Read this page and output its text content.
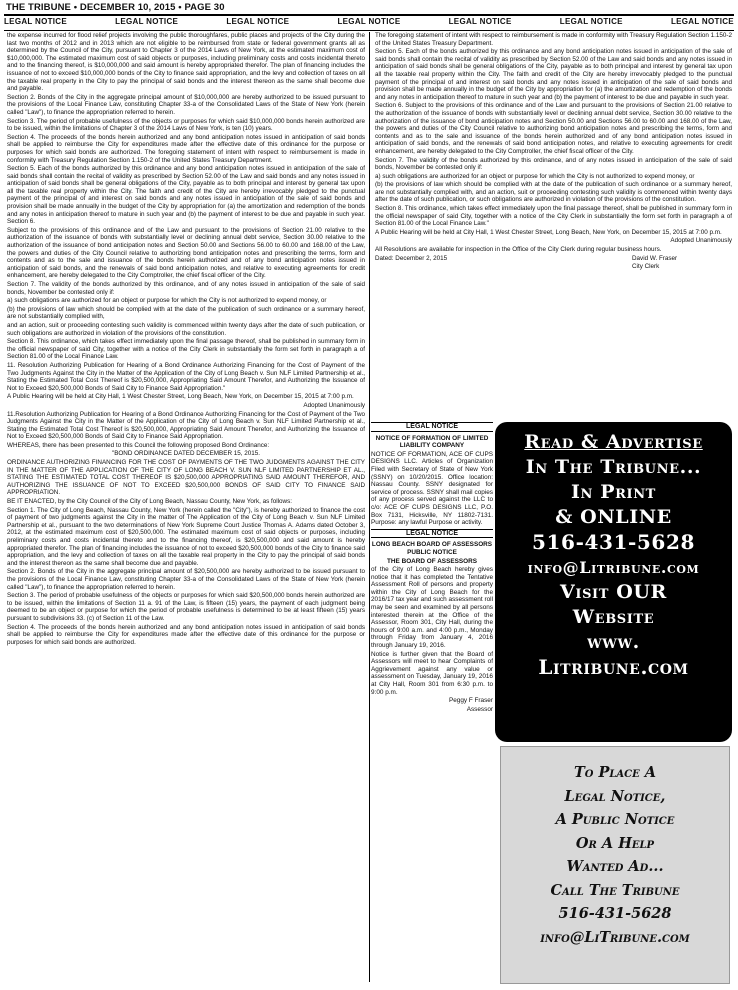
THE TRIBUNE • DECEMBER 10, 2015 • PAGE 30
LEGAL NOTICE	LEGAL NOTICE	LEGAL NOTICE	LEGAL NOTICE	LEGAL NOTICE	LEGAL NOTICE	LEGAL NOTICE

the expense incurred for flood relief projects involving the public thoroughfares, public places and projects of the City during the last two months of 2012 and in 2013 which are not eligible to be reimbursed from state or federal government grants all as determined by the Council of the City, pursuant to Chapter 3 of the 2014 Laws of New York, at the estimated maximum cost of $10,000,000. The estimated maximum cost of said objects or purposes, including preliminary costs and costs incidental thereto and to the financing thereof, is $10,000,000 and said amount is hereby appropriated therefor. The plan of financing includes the issuance of not to exceed $10,000,000 bonds of the City to finance said appropriation, and the levy and collection of taxes on all the taxable real property in the City to pay the principal of said bonds and the interest thereon as the same shall become due and payable.

Section 2. Bonds of the City in the aggregate principal amount of $10,000,000 are hereby authorized to be issued pursuant to the provisions of the Local Finance Law, constituting Chapter 33-a of the Consolidated Laws of the State of New York (herein called "Law"), to finance the appropriation referred to herein.

Section 3. The period of probable usefulness of the objects or purposes for which said $10,000,000 bonds herein authorized are to be issued, within the limitations of Chapter 3 of the 2014 Laws of New York, is ten (10) years.

Section 4. The proceeds of the bonds herein authorized and any bond anticipation notes issued in anticipation of said bonds shall be applied to reimburse the City for expenditures made after the effective date of this ordinance for the purpose or purposes for which said bonds are authorized. The foregoing statement of intent with respect to reimbursement is made in conformity with Treasury Regulation Section 1.150-2 of the United States Treasury Department.

Section 5. Each of the bonds authorized by this ordinance and any bond anticipation notes issued in anticipation of the sale of said bonds shall contain the recital of validity as prescribed by Section 52.00 of the Law and said bonds and any notes issued in anticipation of said bonds shall be general obligations of the City, payable as to both principal and interest by general tax upon all the taxable real property within the City. The faith and credit of the City are hereby irrevocably pledged to the punctual payment of the principal of and interest on said bonds and any notes issued in anticipation of the sale of said bonds and provision shall be made annually in the budget of the City by appropriation for (a) the amortization and redemption of the bonds and any notes in anticipation thereof to mature in such year and (b) the payment of interest to be due and payable in such year. Section 6.

Subject to the provisions of this ordinance and of the Law and pursuant to the provisions of Section 21.00 relative to the authorization of the issuance of bonds with substantially level or declining annual debt service, Section 30.00 relative to the authorization of the issuance of bond anticipation notes and Section 50.00 and Sections 56.00 to 60.00 and 168.00 of the Law, the powers and duties of the City Council relative to authorizing bond anticipation notes and prescribing the terms, form and contents and as to the sale and issuance of the bonds herein authorized and of any bond anticipation notes issued in anticipation of said bonds, and the renewals of said bond anticipation notes, and relative to executing agreements for credit enhancement, are hereby delegated to the City Comptroller, the chief fiscal officer of the City.

Section 7. The validity of the bonds authorized by this ordinance, and of any notes issued in anticipation of the sale of said bonds, November be contested only if:

a) such obligations are authorized for an object or purpose for which the City is not authorized to expend money, or

(b) the provisions of law which should be complied with at the date of the publication of such ordinance or a summary hereof, are not substantially complied with,

and an action, suit or proceeding contesting such validity is commenced within twenty days after the date of such publication, or such obligations are authorized in violation of the provisions of the constitution.

Section 8. This ordinance, which takes effect immediately upon the final passage thereof, shall be published in summary form in the official newspaper of said City, together with a notice of the City Clerk in substantially the form set forth in paragraph a of Section 81.00 of the Local Finance Law.

11. Resolution Authorizing Publication for Hearing of a Bond Ordinance Authorizing Financing for the Cost of Payment of the Two Judgments Against the City in the Matter of the Application of the City of Long Beach v. Sun NLF Limited Partnership et al., Stating the Estimated Total Cost Thereof is $20,500,000, Appropriating Said Amount Therefor, and Authorizing the Issuance of Not to Exceed $20,500,000 Bonds of Said City to Finance Said Appropriation."

A Public Hearing will be held at City Hall, 1 West Chester Street, Long Beach, New York, on December 15, 2015 at 7:00 p.m.

Adopted Unanimously

11.Resolution Authorizing Publication for Hearing of a Bond Ordinance Authorizing Financing for the Cost of Payment of the Two Judgments Against the City in the Matter of the Application of the City of Long Beach v. Sun NLF Limited Partnership et al., Stating the Estimated Total Cost Thereof is $20,500,000, Appropriating Said Amount Therefor, and Authorizing the Issuance of Not to Exceed $20,500,000 Bonds of Said City to Finance Said Appropriation.

WHEREAS, there has been presented to this Council the following proposed Bond Ordinance:

"BOND ORDINANCE DATED DECEMBER 15, 2015.

ORDINANCE AUTHORIZING FINANCING FOR THE COST OF PAYMENTS OF THE TWO JUDGMENTS AGAINST THE CITY IN THE MATTER OF THE APPLICATION OF THE CITY OF LONG BEACH V. SUN NLF LIMITED PARTNERSHIP ET AL., STATING THE ESTIMATED TOTAL COST THEREOF IS $20,500,000 APPROPRIATING SAID AMOUNT THEREFOR, AND AUTHORIZING THE ISSUANCE OF NOT TO EXCEED $20,500,000 BONDS OF SAID CITY TO FINANCE SAID APPROPRIATION.

BE IT ENACTED, by the City Council of the City of Long Beach, Nassau County, New York, as follows:

Section 1. The City of Long Beach, Nassau County, New York (herein called the "City"), is hereby authorized to finance the cost of payment of two judgments against the City in the matter of The Application of the City of Long Beach v. Sun NLF Limited Partnership et al., pursuant to the two determinations of New York Supreme Court Justice Thomas A. Adams dated October 3, 2012, at the estimated maximum cost of $20,500,000. The estimated maximum cost of said objects or purposes, including preliminary costs and costs incidental thereto and to the financing thereof, is $20,500,000 and said amount is hereby appropriated therefor. The plan of financing includes the issuance of not to exceed $20,500,000 bonds of the City to finance said appropriation, and the levy and collection of taxes on all the taxable real property in the City to pay the principal of said bonds and the interest thereon as the same shall become due and payable.

Section 2. Bonds of the City in the aggregate principal amount of $20,500,000 are hereby authorized to be issued pursuant to the provisions of the Local Finance Law, constituting Chapter 33-a of the Consolidated Laws of the State of New York (herein called "Law"), to finance the appropriation referred to herein.

Section 3. The period of probable usefulness of the objects or purposes for which said $20,500,000 bonds herein authorized are to be issued, within the limitations of Section 11 a. 91 of the Law, is fifteen (15) years, the payment of each judgment being deemed to be an object or purpose for which the period of probable usefulness is determined to be at least fifteen (15) years pursuant to subdivisions 33. (c) of Section 11 of the Law.

Section 4. The proceeds of the bonds herein authorized and any bond anticipation notes issued in anticipation of said bonds shall be applied to reimburse the City for expenditures made after the effective date of this ordinance for the purpose or purposes for which said bonds are authorized.

The foregoing statement of intent with respect to reimbursement is made in conformity with Treasury Regulation Section 1.150-2 of the United States Treasury Department.

Section 5. Each of the bonds authorized by this ordinance and any bond anticipation notes issued in anticipation of the sale of said bonds shall contain the recital of validity as prescribed by Section 52.00 of the Law and said bonds and any notes issued in anticipation of said bonds shall be general obligations of the City, payable as to both principal and interest by general tax upon all the taxable real property within the City. The faith and credit of the City are hereby irrevocably pledged to the punctual payment of the principal of and interest on said bonds and any notes issued in anticipation of the sale of said bonds and provision shall be made annually in the budget of the City by appropriation for (a) the amortization and redemption of the bonds and any notes in anticipation thereof to mature in such year and (b) the payment of interest to be due and payable in such year.

Section 6. Subject to the provisions of this ordinance and of the Law and pursuant to the provisions of Section 21.00 relative to the authorization of the issuance of bonds with substantially level or declining annual debt service, Section 30.00 relative to the authorization of the issuance of bond anticipation notes and Section 50.00 and Sections 56.00 to 60.00 and 168.00 of the Law, the powers and duties of the City Council relative to authorizing bond anticipation notes and prescribing the terms, form and contents and as to the sale and issuance of the bonds herein authorized and of any bond anticipation notes issued in anticipation of said bonds, and the renewals of said bond anticipation notes, and relative to executing agreements for credit enhancement, are hereby delegated to the City Comptroller, the chief fiscal officer of the City.

Section 7. The validity of the bonds authorized by this ordinance, and of any notes issued in anticipation of the sale of said bonds, November be contested only if:

a) such obligations are authorized for an object or purpose for which the City is not authorized to expend money, or

(b) the provisions of law which should be complied with at the date of the publication of such ordinance or a summary hereof, are not substantially complied with, and an action, suit or proceeding contesting such validity is commenced within twenty days after the date of such publication, or such obligations are authorized in violation of the provisions of the constitution.

Section 8. This ordinance, which takes effect immediately upon the final passage thereof, shall be published in summary form in the official newspaper of said City, together with a notice of the City Clerk in substantially the form set forth in paragraph a of Section 81.00 of the Local Finance Law."

A Public Hearing will be held at City Hall, 1 West Chester Street, Long Beach, New York, on December 15, 2015 at 7:00 p.m.

Adopted Unanimously

All Resolutions are available for inspection in the Office of the City Clerk during regular business hours.

Dated: December 2, 2015	David W. Fraser

City Clerk

LEGAL NOTICE

NOTICE OF FORMATION OF LIMITED LIABILITY COMPANY

NOTICE OF FORMATION, ACE OF CUPS DESIGNS LLC. Articles of Organization Filed with Secretary of State of New York (SSNY) on 10/20/2015. Office location: Nassau County. SSNY designated for service of process. SSNY shall mail copies of any process served against the LLC to c/o: ACE OF CUPS DESIGNS LLC, P.O. Box 7131, Hicksville, NY 11802-7131. Purpose: any lawful Purpose or activity.

LEGAL NOTICE

LONG BEACH BOARD OF ASSESSORS PUBLIC NOTICE

THE BOARD OF ASSESSORS

of the City of Long Beach hereby gives notice that it has completed the Tentative Assessment Roll of persons and property within the City of Long Beach for the 2016/17 tax year and such assessment roll may be seen and examined by all persons interested therein at the Office of the Assessor, Room 301, City Hall, during the hours of 9:00 a.m. and 4:00 p.m., Monday through Friday from January 4, 2016 through January 19, 2016.

Notice is further given that the Board of Assessors will meet to hear Complaints of Aggrievement against any value or assessment on Tuesday, January 19, 2016 at City Hall, Room 301 from 6:30 p.m. to 9:00 p.m.

Peggy F Fraser

Assessor

Read & Advertise
In The Tribune...
In Print
& ONLINE
516-431-5628
info@Litribune.com
Visit OUR
Website
www.
Litribune.com
To Place A
Legal Notice,
A Public Notice
Or A Help
Wanted Ad...
Call The Tribune
516-431-5628
info@LiTribune.com
